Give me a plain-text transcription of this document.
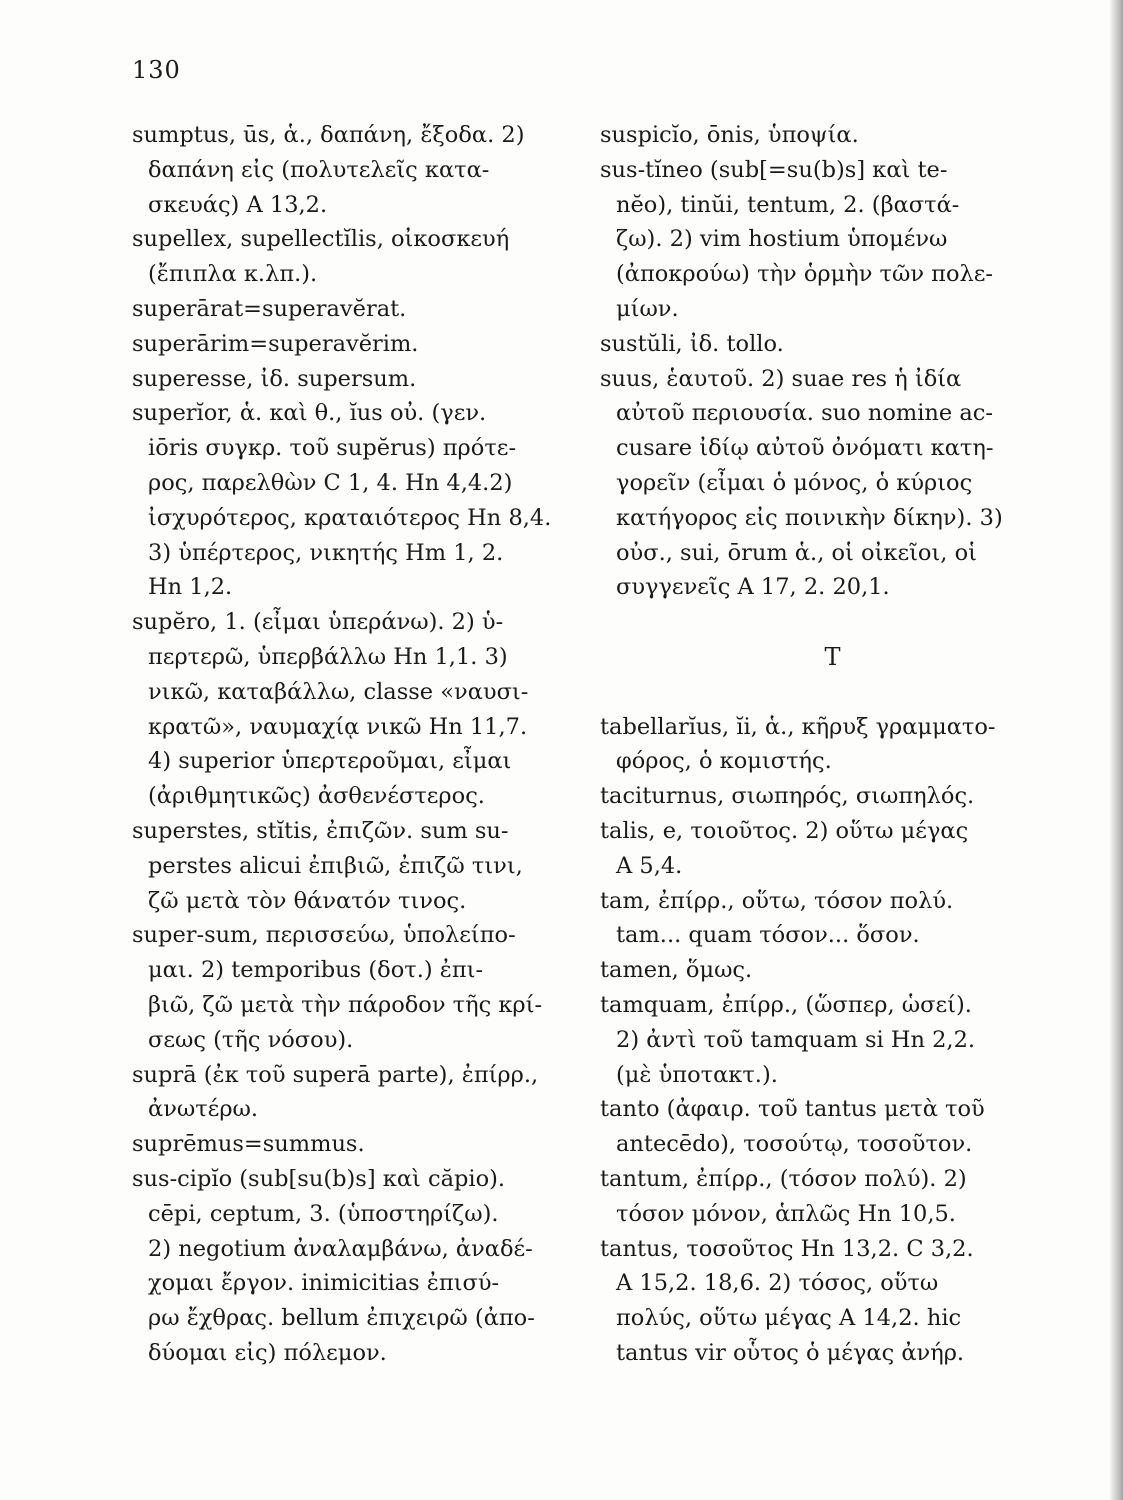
130
sumptus, ūs, ἁ., δαπάνη, ἔξοδα. 2)
δαπάνη εἰς (πολυτελεῖς κατα-
σκευάς) A 13,2.
supellex, supellectĭlis, οἰκοσκευή
(ἔπιπλα κ.λπ.).
superārat=superavĕrat.
superārim=superavĕrim.
superesse, ἰδ. supersum.
superĭor, ἁ. καὶ θ., ĭus οὐ. (γεν.
iōris συγκρ. τοῦ supĕrus) πρότε-
ρος, παρελθὼν C 1, 4. Hn 4,4.2)
ἰσχυρότερος, κραταιότερος Hn 8,4.
3) ὑπέρτερος, νικητής Hm 1, 2.
Hn 1,2.
supĕro, 1. (εἶμαι ὑπεράνω). 2) ὑ-
περτερῶ, ὑπερβάλλω Hn 1,1. 3)
νικῶ, καταβάλλω, classe «ναυσι-
κρατῶ», ναυμαχίᾳ νικῶ Hn 11,7.
4) superior ὑπερτεροῦμαι, εἶμαι
(ἀριθμητικῶς) ἀσθενέστερος.
superstes, stĭtis, ἐπιζῶν. sum su-
perstes alicui ἐπιβιῶ, ἐπιζῶ τινι,
ζῶ μετὰ τὸν θάνατόν τινος.
super-sum, περισσεύω, ὑπολείπο-
μαι. 2) temporibus (δοτ.) ἐπι-
βιῶ, ζῶ μετὰ τὴν πάροδον τῆς κρί-
σεως (τῆς νόσου).
suprā (ἐκ τοῦ superā parte), ἐπίρρ.,
ἀνωτέρω.
suprēmus=summus.
sus-cipĭo (sub[su(b)s] καὶ căpio).
cēpi, ceptum, 3. (ὑποστηρίζω).
2) negotium ἀναλαμβάνω, ἀναδέ-
χομαι ἔργον. inimicitias ἐπισύ-
ρω ἔχθρας. bellum ἐπιχειρῶ (ἀπο-
δύομαι εἰς) πόλεμον.
suspicĭo, ōnis, ὑποψία.
sus-tĭneo (sub[=su(b)s] καὶ te-
nĕo), tinŭi, tentum, 2. (βαστά-
ζω). 2) vim hostium ὑπομένω
(ἀποκρούω) τὴν ὁρμὴν τῶν πολε-
μίων.
sustŭli, ἰδ. tollo.
suus, ἑαυτοῦ. 2) suae res ἡ ἰδία
αὐτοῦ περιουσία. suo nomine ac-
cusare ἰδίῳ αὐτοῦ ὀνόματι κατη-
γορεῖν (εἶμαι ὁ μόνος, ὁ κύριος
κατήγορος εἰς ποινικὴν δίκην). 3)
οὐσ., sui, ōrum ἁ., οἱ οἰκεῖοι, οἱ
συγγενεῖς A 17, 2. 20,1.
T
tabellarĭus, ĭi, ἁ., κῆρυξ γραμματο-
φόρος, ὁ κομιστής.
taciturnus, σιωπηρός, σιωπηλός.
talis, e, τοιοῦτος. 2) οὕτω μέγας
A 5,4.
tam, ἐπίρρ., οὕτω, τόσον πολύ.
tam... quam τόσον... ὅσον.
tamen, ὅμως.
tamquam, ἐπίρρ., (ὥσπερ, ὡσεί).
2) ἀντὶ τοῦ tamquam si Hn 2,2.
(μὲ ὑποτακτ.).
tanto (ἀφαιρ. τοῦ tantus μετὰ τοῦ
antecēdo), τοσούτῳ, τοσοῦτον.
tantum, ἐπίρρ., (τόσον πολύ). 2)
τόσον μόνον, ἁπλῶς Hn 10,5.
tantus, τοσοῦτος Hn 13,2. C 3,2.
A 15,2. 18,6. 2) τόσος, οὕτω
πολύς, οὕτω μέγας A 14,2. hic
tantus vir οὗτος ὁ μέγας ἀνήρ.
